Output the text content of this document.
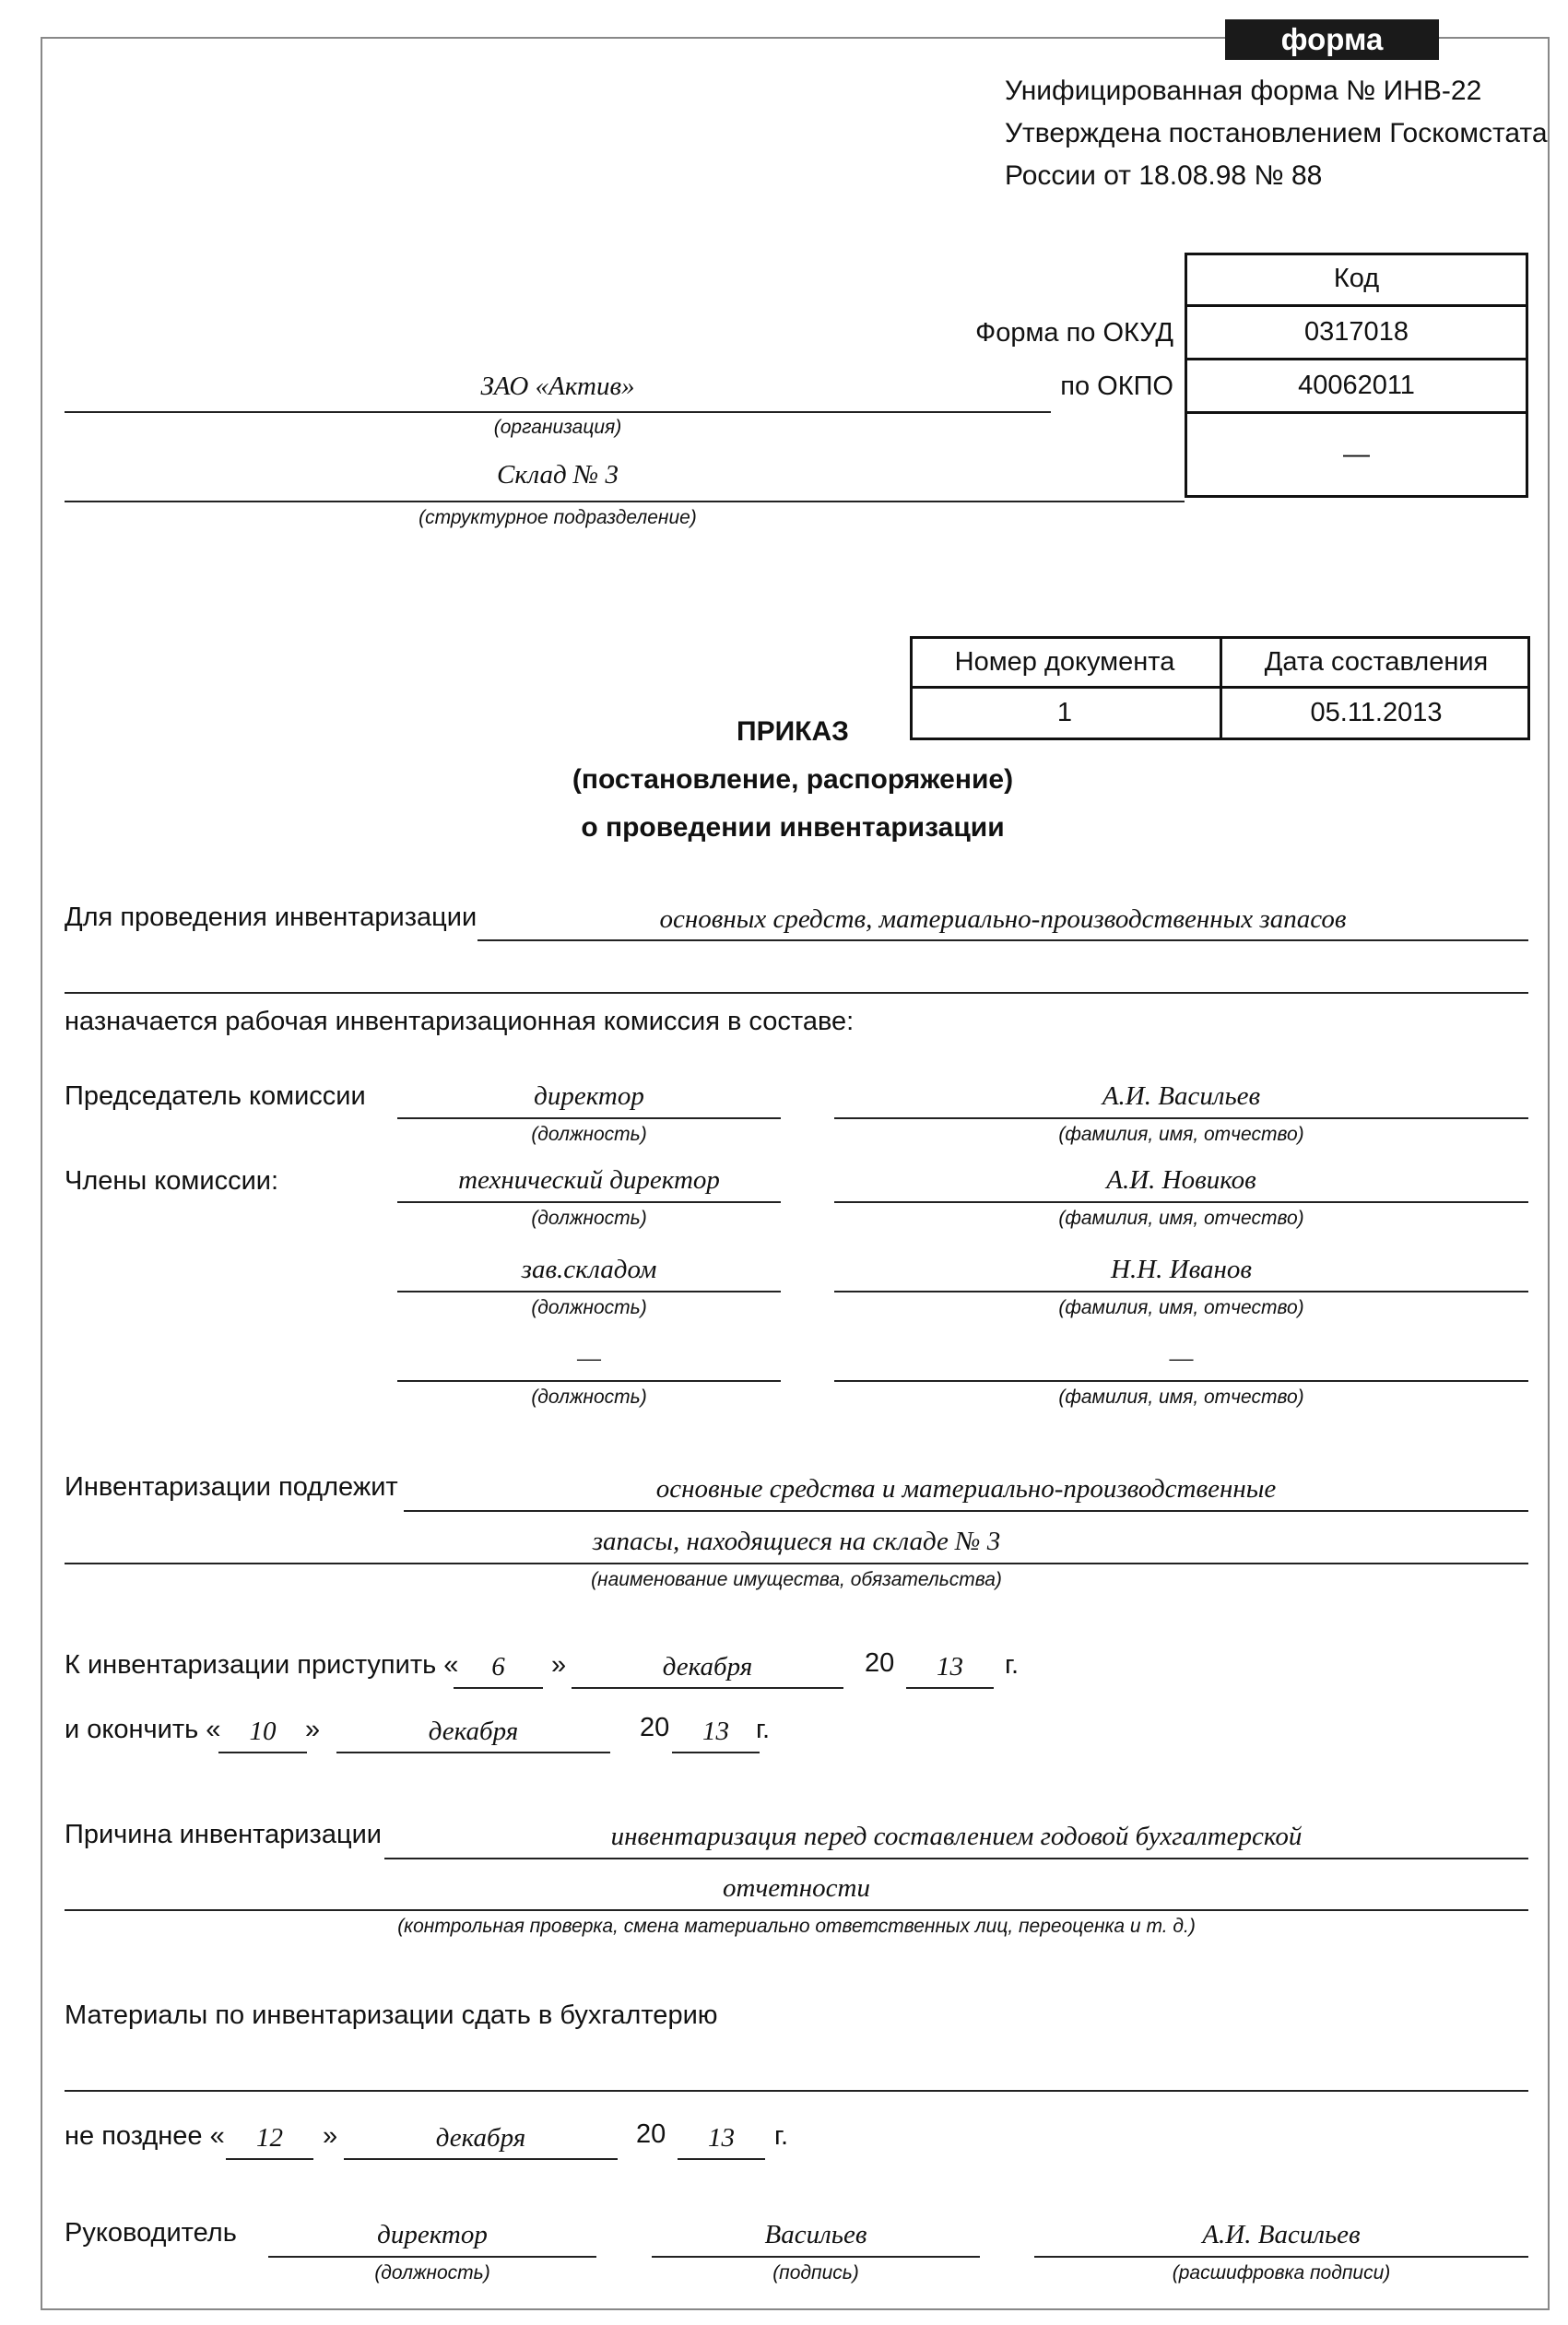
форма
Унифицированная форма № ИНВ-22
Утверждена постановлением Госкомстата
России от 18.08.98 № 88
Код
0317018
40062011
—
Форма по ОКУД
по ОКПО
ЗАО «Актив»
(организация)
Склад № 3
(структурное подразделение)
Номер документа	Дата составления
1	05.11.2013
ПРИКАЗ
(постановление, распоряжение)
о проведении инвентаризации
Для проведения инвентаризации	основных средств, материально-производственных запасов
назначается рабочая инвентаризационная комиссия в составе:
Председатель комиссии
Члены комиссии:
директор
(должность)
А.И. Васильев
(фамилия, имя, отчество)
технический директор
(должность)
А.И. Новиков
(фамилия, имя, отчество)
зав.складом
(должность)
Н.Н. Иванов
(фамилия, имя, отчество)
—
(должность)
—
(фамилия, имя, отчество)
Инвентаризации подлежит	основные средства и материально-производственные
запасы, находящиеся на складе № 3
(наименование имущества, обязательства)
К инвентаризации приступить «	6	»	декабря	20	13	г.
и окончить «	10	»	декабря	20	13	г.
Причина инвентаризации	инвентаризация перед составлением годовой бухгалтерской
отчетности
(контрольная проверка, смена материально ответственных лиц, переоценка и т. д.)
Материалы по инвентаризации сдать в бухгалтерию
не позднее «	12	»	декабря	20	13	г.
Руководитель	директор
(должность)
Васильев
(подпись)
А.И. Васильев
(расшифровка подписи)
